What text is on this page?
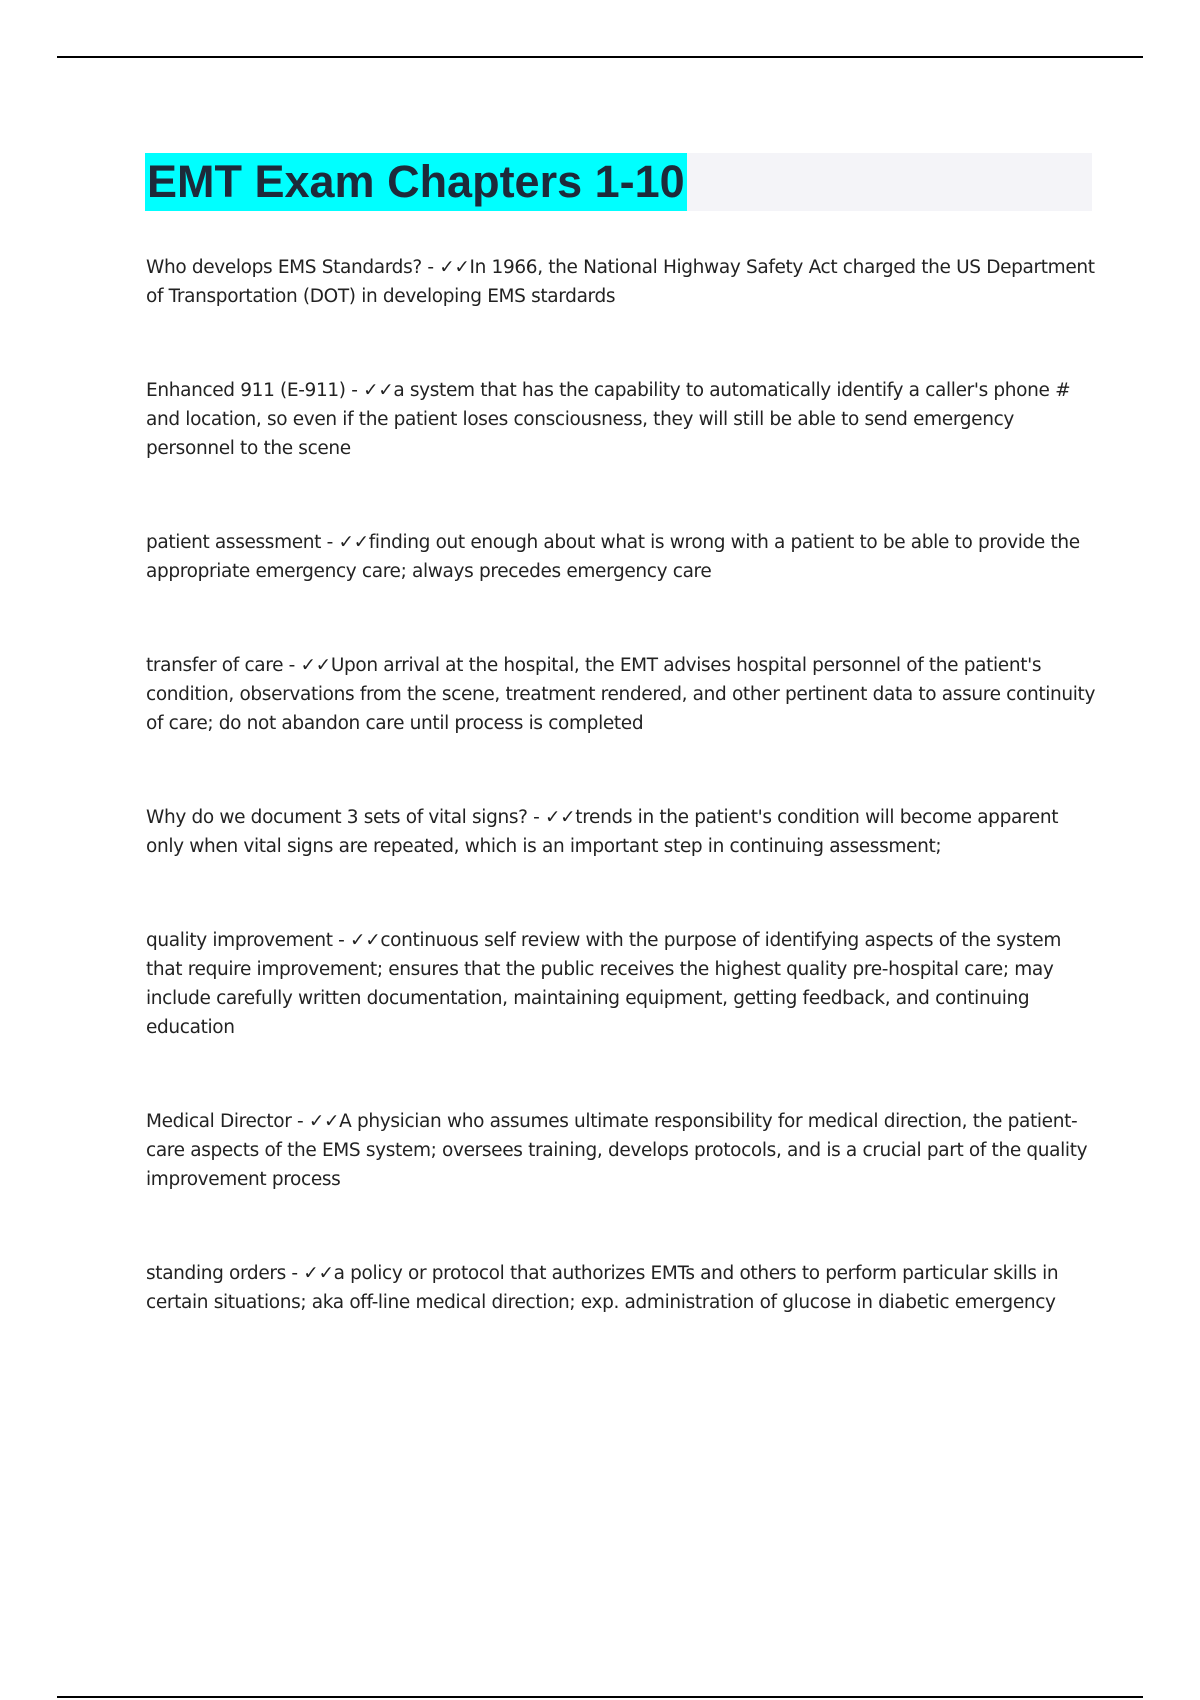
EMT Exam Chapters 1-10

Who develops EMS Standards? - ✓✓In 1966, the National Highway Safety Act charged the US Department of Transportation (DOT) in developing EMS stardards

Enhanced 911 (E-911) - ✓✓a system that has the capability to automatically identify a caller's phone # and location, so even if the patient loses consciousness, they will still be able to send emergency personnel to the scene

patient assessment - ✓✓finding out enough about what is wrong with a patient to be able to provide the appropriate emergency care; always precedes emergency care

transfer of care - ✓✓Upon arrival at the hospital, the EMT advises hospital personnel of the patient's condition, observations from the scene, treatment rendered, and other pertinent data to assure continuity of care; do not abandon care until process is completed

Why do we document 3 sets of vital signs? - ✓✓trends in the patient's condition will become apparent only when vital signs are repeated, which is an important step in continuing assessment;

quality improvement - ✓✓continuous self review with the purpose of identifying aspects of the system that require improvement; ensures that the public receives the highest quality pre-hospital care; may include carefully written documentation, maintaining equipment, getting feedback, and continuing education

Medical Director - ✓✓A physician who assumes ultimate responsibility for medical direction, the patient-care aspects of the EMS system; oversees training, develops protocols, and is a crucial part of the quality improvement process

standing orders - ✓✓a policy or protocol that authorizes EMTs and others to perform particular skills in certain situations; aka off-line medical direction; exp. administration of glucose in diabetic emergency
